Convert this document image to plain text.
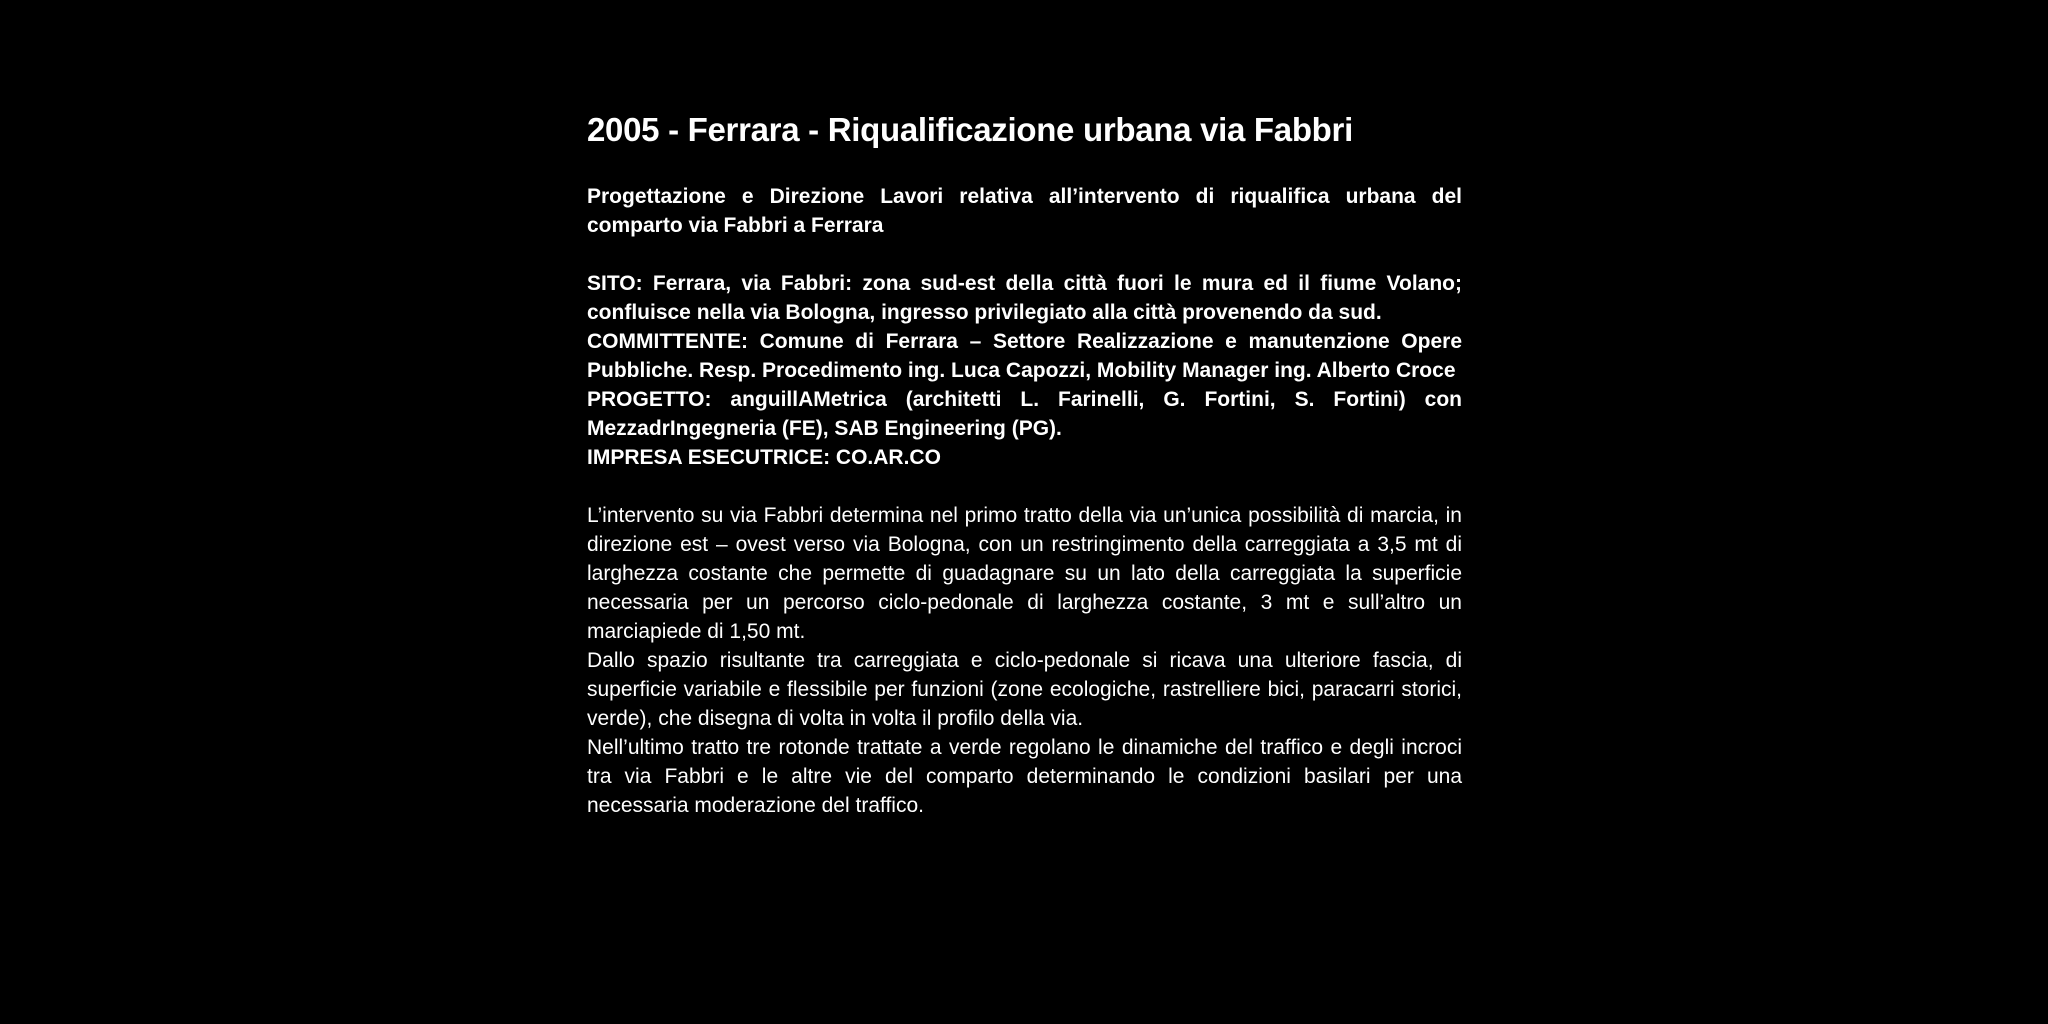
2005 - Ferrara - Riqualificazione urbana via Fabbri

Progettazione e Direzione Lavori relativa all’intervento di riqualifica urbana del comparto via Fabbri a Ferrara

SITO: Ferrara, via Fabbri: zona sud-est della città fuori le mura ed il fiume Volano; confluisce nella via Bologna, ingresso privilegiato alla città provenendo da sud.

COMMITTENTE: Comune di Ferrara – Settore Realizzazione e manutenzione Opere Pubbliche. Resp. Procedimento ing. Luca Capozzi, Mobility Manager ing. Alberto Croce

PROGETTO: anguillAMetrica (architetti L. Farinelli, G. Fortini, S. Fortini) con MezzadrIngegneria (FE), SAB Engineering (PG).

IMPRESA ESECUTRICE: CO.AR.CO

L’intervento su via Fabbri determina nel primo tratto della via un’unica possibilità di marcia, in direzione est – ovest verso via Bologna, con un restringimento della carreggiata a 3,5 mt di larghezza costante che permette di guadagnare su un lato della carreggiata la superficie necessaria per un percorso ciclo-pedonale di larghezza costante, 3 mt e sull’altro un marciapiede di 1,50 mt.

Dallo spazio risultante tra carreggiata e ciclo-pedonale si ricava una ulteriore fascia, di superficie variabile e flessibile per funzioni (zone ecologiche, rastrelliere bici, paracarri storici, verde), che disegna di volta in volta il profilo della via.

Nell’ultimo tratto tre rotonde trattate a verde regolano le dinamiche del traffico e degli incroci tra via Fabbri e le altre vie del comparto determinando le condizioni basilari per una necessaria moderazione del traffico.
